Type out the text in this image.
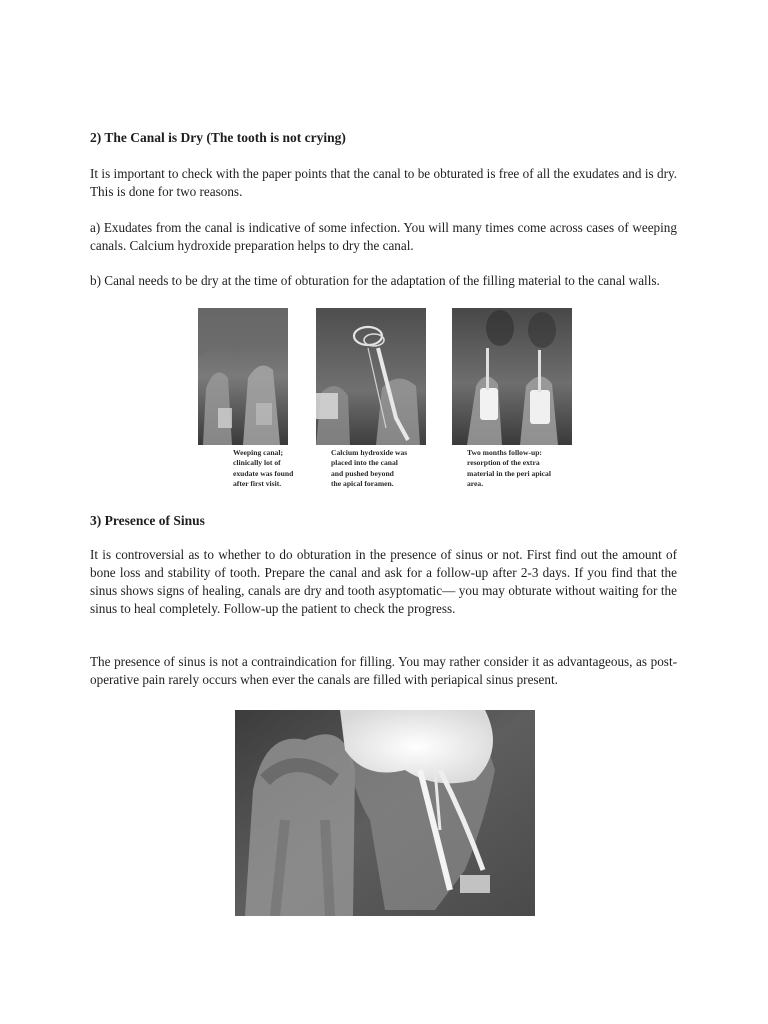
2) The Canal is Dry (The tooth is not crying)

It is important to check with the paper points that the canal to be obturated is free of all the exudates and is dry. This is done for two reasons.

a) Exudates from the canal is indicative of some infection. You will many times come across cases of weeping canals. Calcium hydroxide preparation helps to dry the canal.

b) Canal needs to be dry at the time of obturation for the adaptation of the filling material to the canal walls.

3) Presence of Sinus

It is controversial as to whether to do obturation in the presence of sinus or not. First find out the amount of bone loss and stability of tooth. Prepare the canal and ask for a follow-up after 2-3 days. If you find that the sinus shows signs of healing, canals are dry and tooth asyptomatic— you may obturate without waiting for the sinus to heal completely. Follow-up the patient to check the progress.

The presence of sinus is not a contraindication for filling. You may rather consider it as advantageous, as post-operative pain rarely occurs when ever the canals are filled with periapical sinus present.

Weeping canal;
clinically lot of
exudate was found
after first visit.
Calcium hydroxide was
placed into the canal
and pushed beyond
the apical foramen.
Two months follow-up:
resorption of the extra
material in the peri apical
area.
